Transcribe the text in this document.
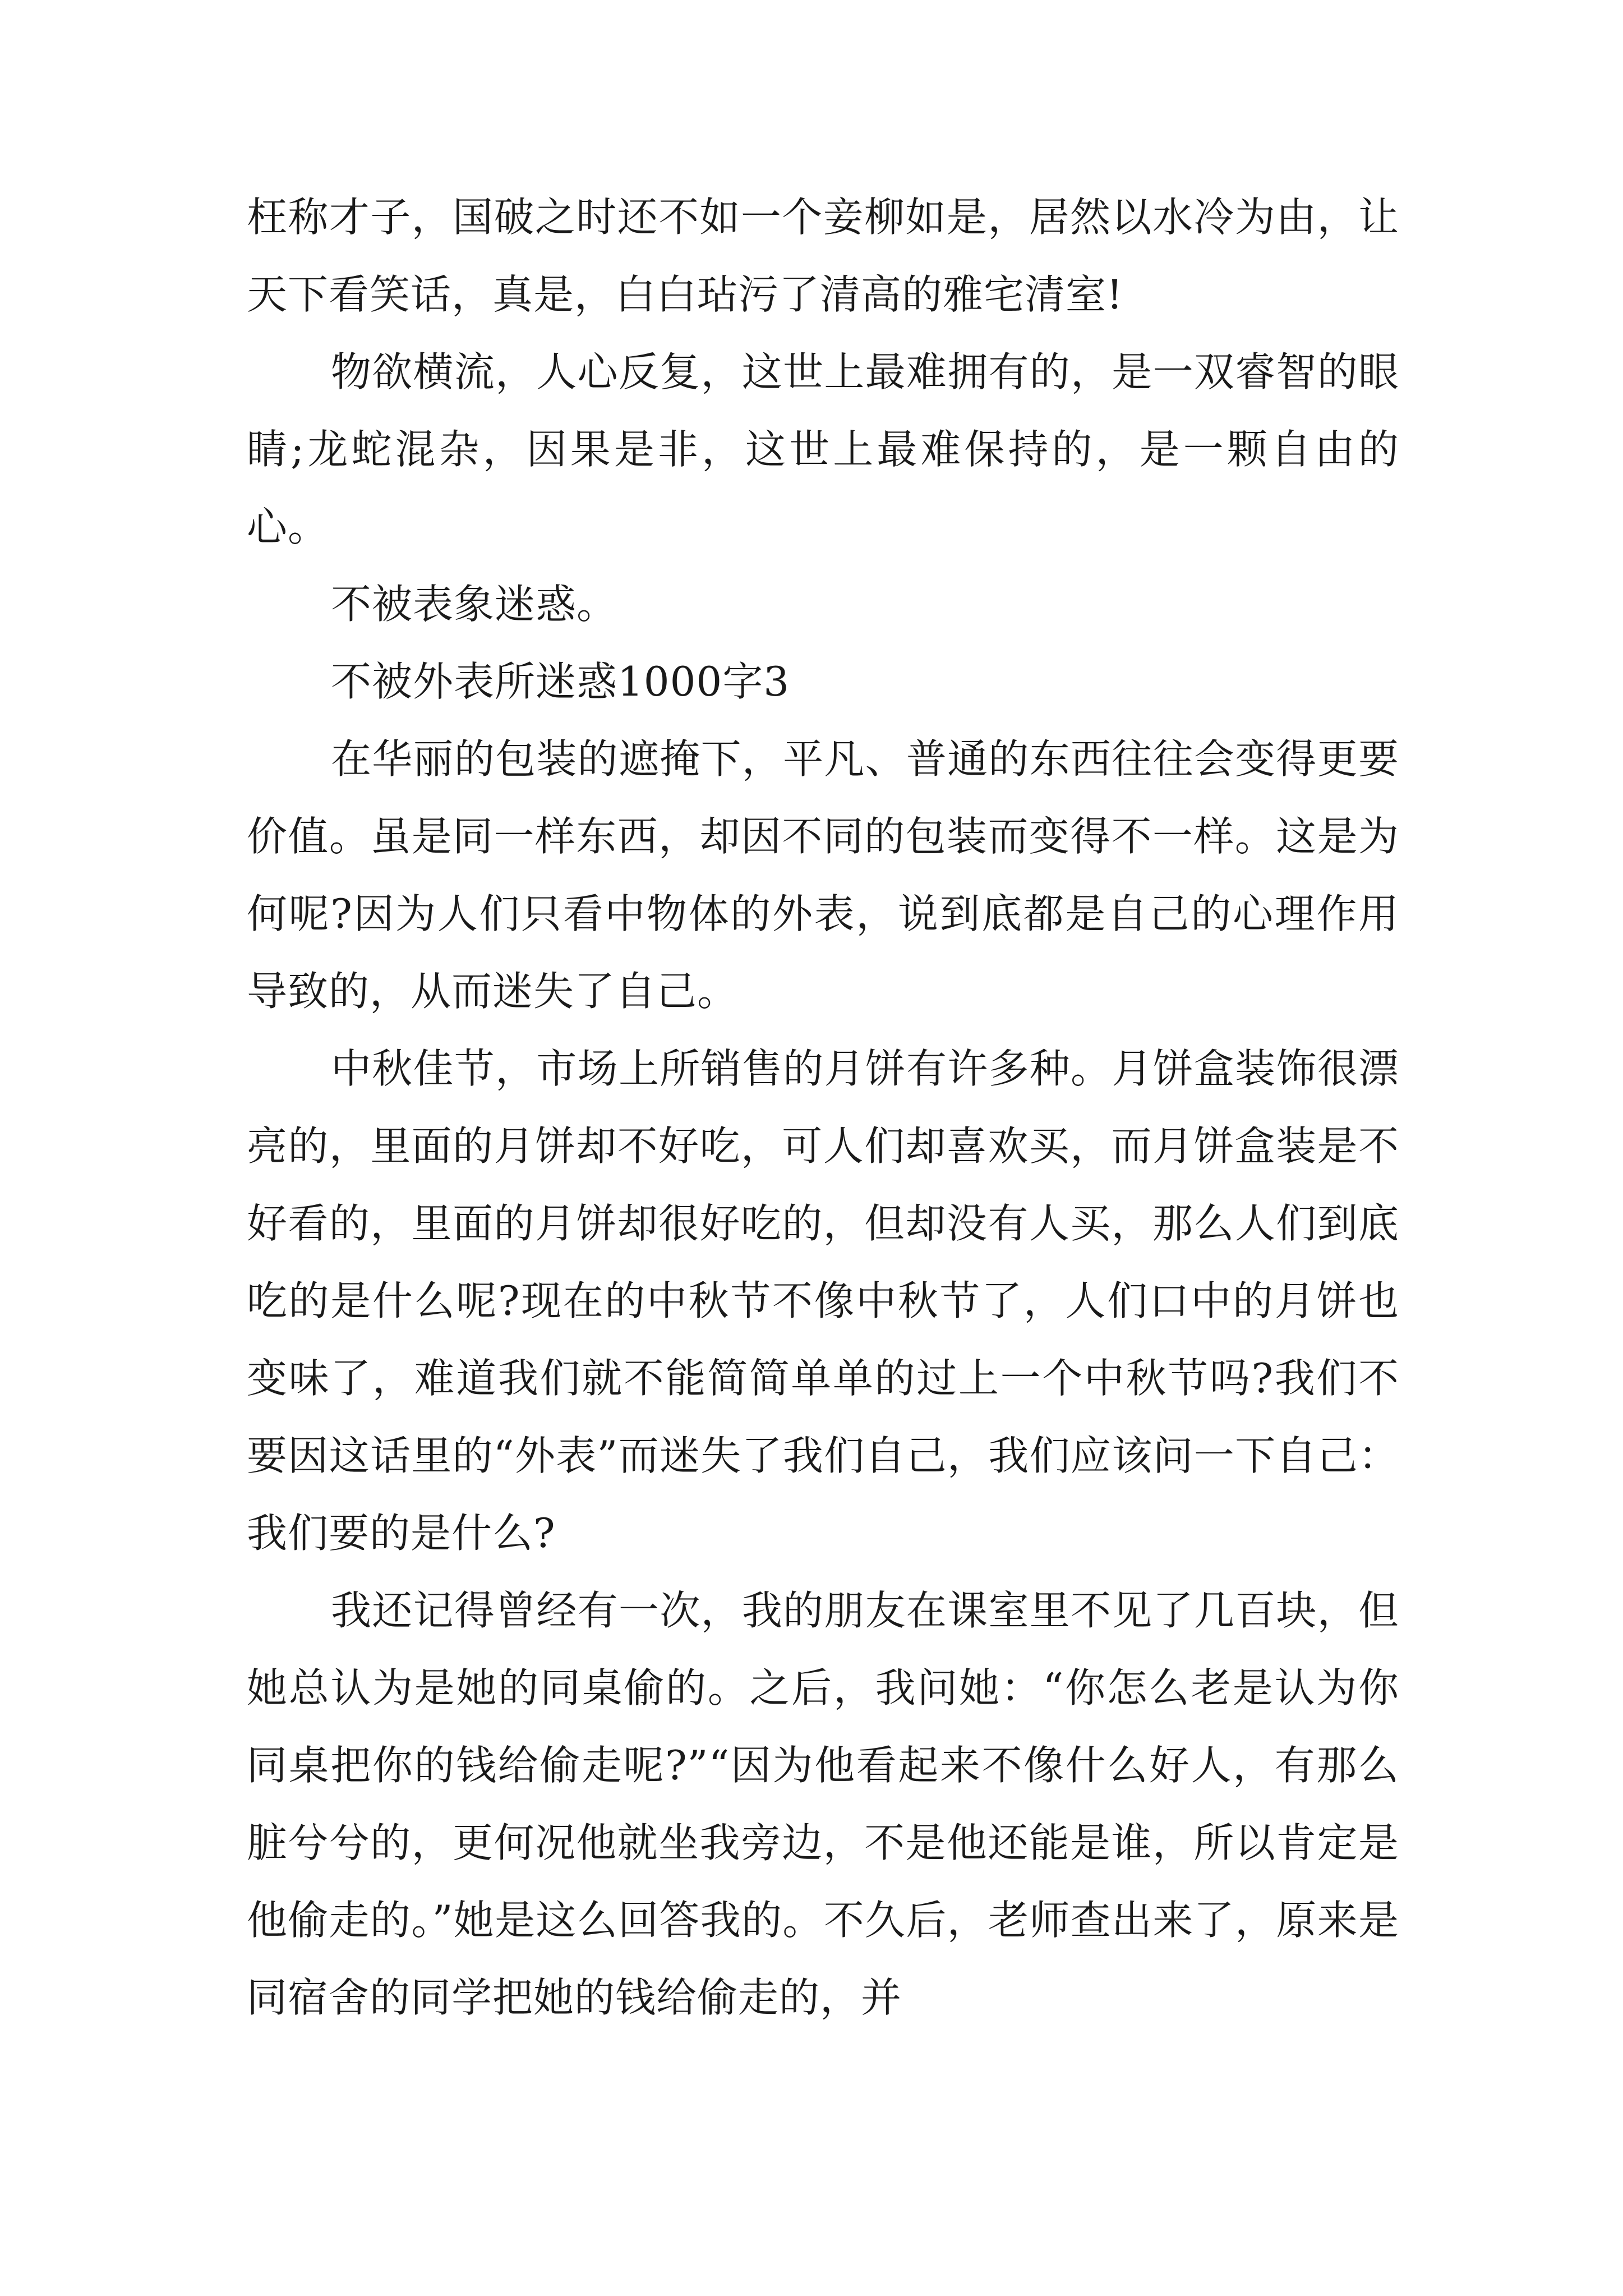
枉称才子，国破之时还不如一个妾柳如是，居然以水冷为由，让天下看笑话，真是，白白玷污了清高的雅宅清室!

物欲横流，人心反复，这世上最难拥有的，是一双睿智的眼睛;龙蛇混杂，因果是非，这世上最难保持的，是一颗自由的心。

不被表象迷惑。

不被外表所迷惑1000字3

在华丽的包装的遮掩下，平凡、普通的东西往往会变得更要价值。虽是同一样东西，却因不同的包装而变得不一样。这是为何呢?因为人们只看中物体的外表，说到底都是自己的心理作用导致的，从而迷失了自己。

中秋佳节，市场上所销售的月饼有许多种。月饼盒装饰很漂亮的，里面的月饼却不好吃，可人们却喜欢买，而月饼盒装是不好看的，里面的月饼却很好吃的，但却没有人买，那么人们到底吃的是什么呢?现在的中秋节不像中秋节了，人们口中的月饼也变味了，难道我们就不能简简单单的过上一个中秋节吗?我们不要因这话里的“外表”而迷失了我们自己，我们应该问一下自己：我们要的是什么?

我还记得曾经有一次，我的朋友在课室里不见了几百块，但她总认为是她的同桌偷的。之后，我问她：“你怎么老是认为你同桌把你的钱给偷走呢?”“因为他看起来不像什么好人，有那么脏兮兮的，更何况他就坐我旁边，不是他还能是谁，所以肯定是他偷走的。”她是这么回答我的。不久后，老师查出来了，原来是同宿舍的同学把她的钱给偷走的，并
